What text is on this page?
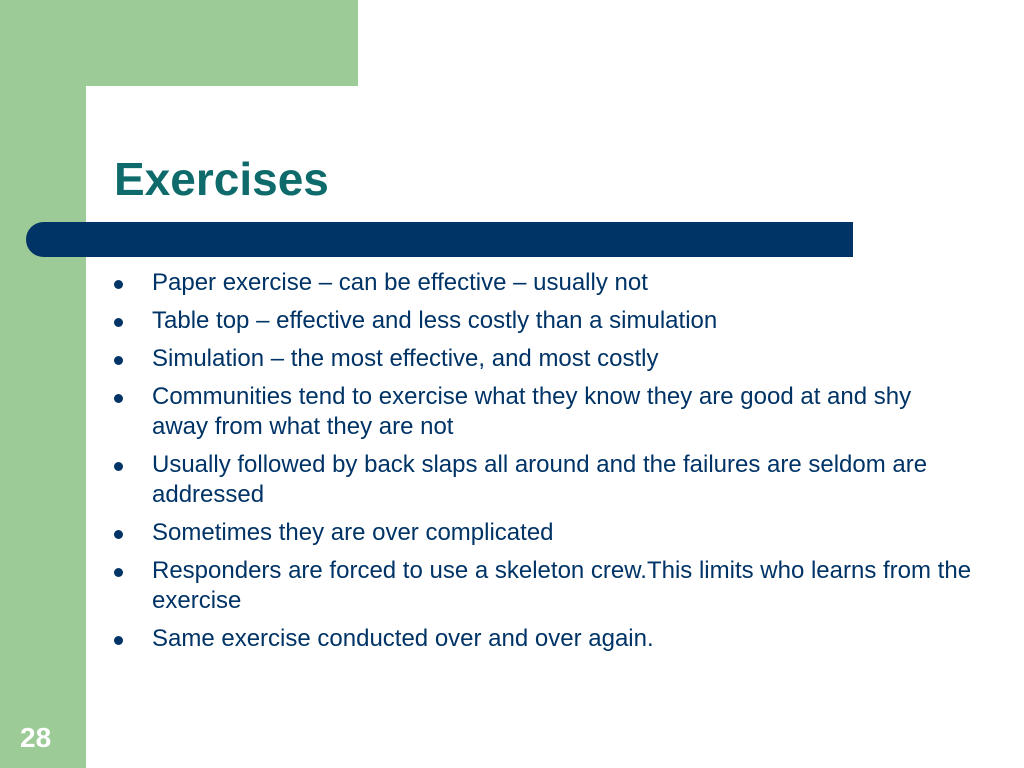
Exercises
Paper exercise – can be effective – usually not
Table top – effective and less costly than a simulation
Simulation – the most effective, and most costly
Communities tend to exercise what they know they are good at and shy away from what they are not
Usually followed by back slaps all around and the failures are seldom are addressed
Sometimes they are over complicated
Responders are forced to use a skeleton crew.This limits who learns from the exercise
Same exercise conducted over and over again.
28
